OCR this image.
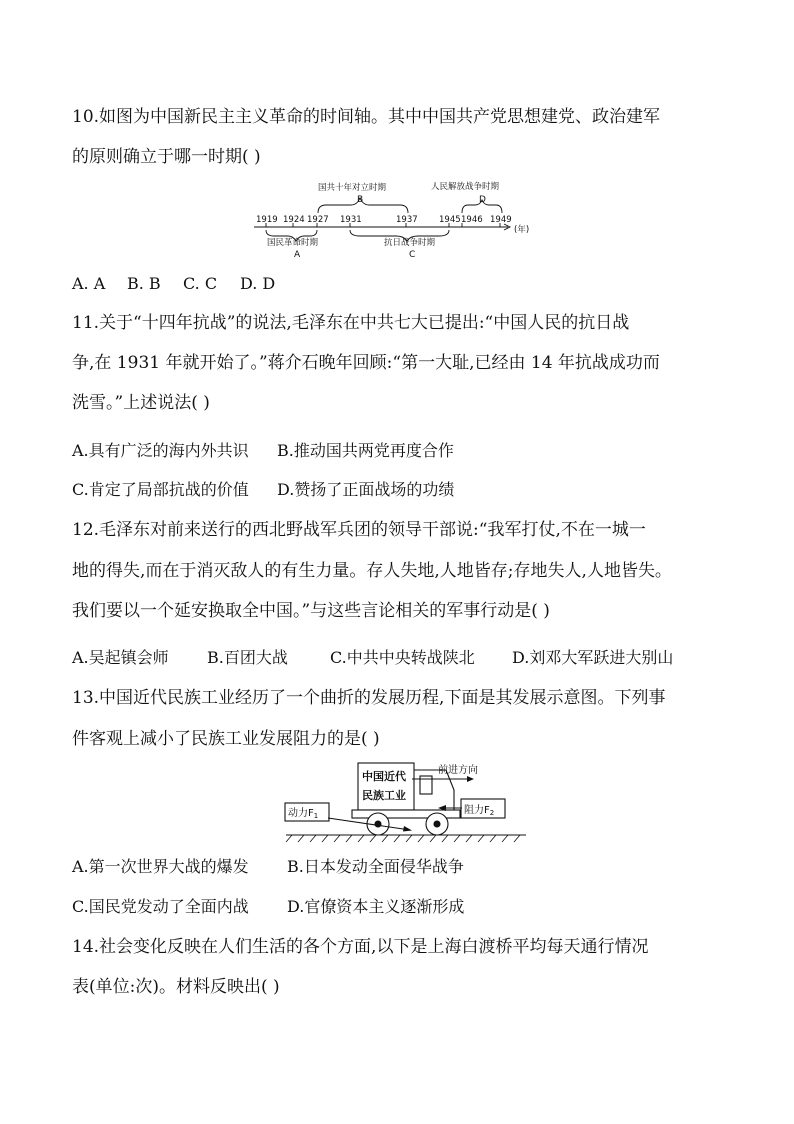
10.如图为中国新民主主义革命的时间轴。其中中国共产党思想建党、政治建军
的原则确立于哪一时期( )
国共十年对立时期
B
人民解放战争时期
D
1919 1924 1927 1931	1937	1945 1946 1949
(年)
国民革命时期
A
抗日战争时期
C
A. A B. B C. C D. D
11.关于“十四年抗战”的说法,毛泽东在中共七大已提出:“中国人民的抗日战
争,在 1931 年就开始了。”蒋介石晚年回顾:“第一大耻,已经由 14 年抗战成功而
洗雪。”上述说法( )
A.具有广泛的海内外共识 B.推动国共两党再度合作
C.肯定了局部抗战的价值 D.赞扬了正面战场的功绩
12.毛泽东对前来送行的西北野战军兵团的领导干部说:“我军打仗,不在一城一
地的得失,而在于消灭敌人的有生力量。存人失地,人地皆存;存地失人,人地皆失。
我们要以一个延安换取全中国。”与这些言论相关的军事行动是( )
A.吴起镇会师 B.百团大战	C.中共中央转战陕北 D.刘邓大军跃进大别山
13.中国近代民族工业经历了一个曲折的发展历程,下面是其发展示意图。下列事
件客观上减小了民族工业发展阻力的是( )
中国近代
民族工业
前进方向
动力$F_1$	阻力$F_2$
A.第一次世界大战的爆发 B.日本发动全面侵华战争
C.国民党发动了全面内战 D.官僚资本主义逐渐形成
14.社会变化反映在人们生活的各个方面,以下是上海白渡桥平均每天通行情况
表(单位:次)。材料反映出( )
